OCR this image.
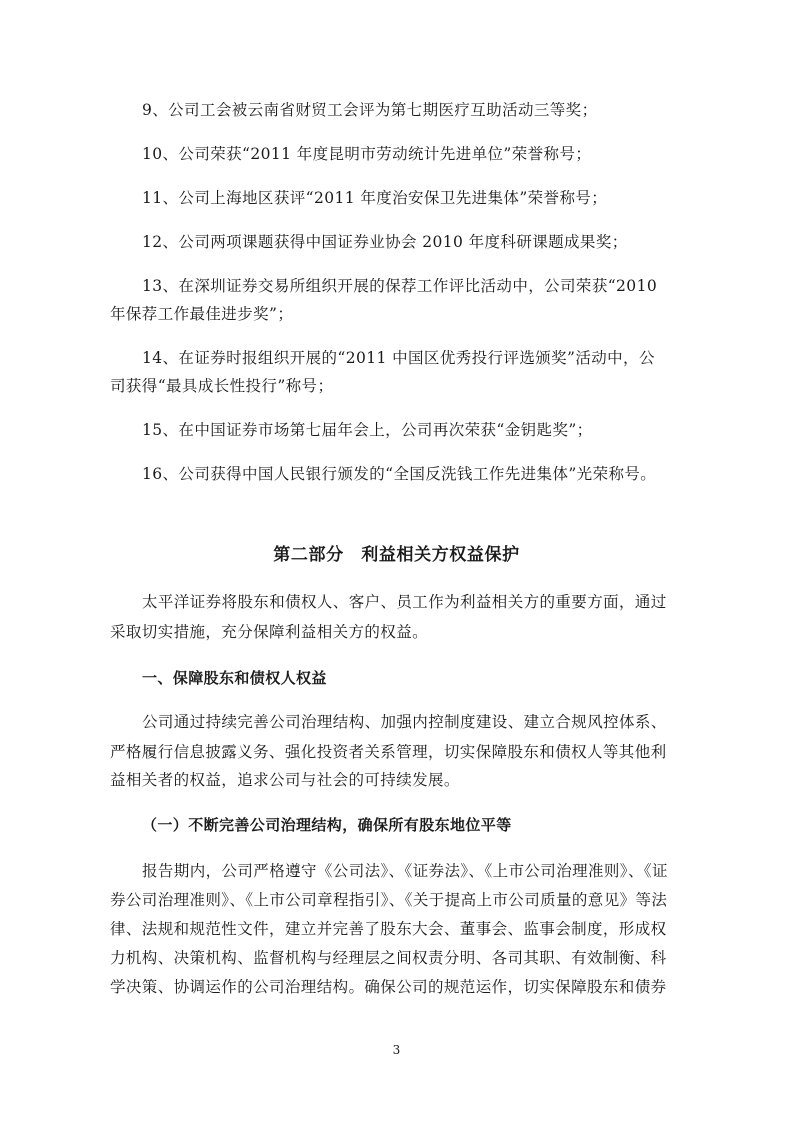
9、公司工会被云南省财贸工会评为第七期医疗互助活动三等奖；
10、公司荣获“2011 年度昆明市劳动统计先进单位”荣誉称号；
11、公司上海地区获评“2011 年度治安保卫先进集体”荣誉称号；
12、公司两项课题获得中国证券业协会 2010 年度科研课题成果奖；
13、在深圳证券交易所组织开展的保荐工作评比活动中，公司荣获“2010
年保荐工作最佳进步奖”；
14、在证券时报组织开展的“2011 中国区优秀投行评选颁奖”活动中，公
司获得“最具成长性投行”称号；
15、在中国证券市场第七届年会上，公司再次荣获“金钥匙奖”；
16、公司获得中国人民银行颁发的“全国反洗钱工作先进集体”光荣称号。
第二部分　利益相关方权益保护
太平洋证券将股东和债权人、客户、员工作为利益相关方的重要方面，通过
采取切实措施，充分保障利益相关方的权益。
一、保障股东和债权人权益
公司通过持续完善公司治理结构、加强内控制度建设、建立合规风控体系、
严格履行信息披露义务、强化投资者关系管理，切实保障股东和债权人等其他利
益相关者的权益，追求公司与社会的可持续发展。
（一）不断完善公司治理结构，确保所有股东地位平等
报告期内，公司严格遵守《公司法》、《证券法》、《上市公司治理准则》、《证
券公司治理准则》、《上市公司章程指引》、《关于提高上市公司质量的意见》等法
律、法规和规范性文件，建立并完善了股东大会、董事会、监事会制度，形成权
力机构、决策机构、监督机构与经理层之间权责分明、各司其职、有效制衡、科
学决策、协调运作的公司治理结构。确保公司的规范运作，切实保障股东和债券
3
